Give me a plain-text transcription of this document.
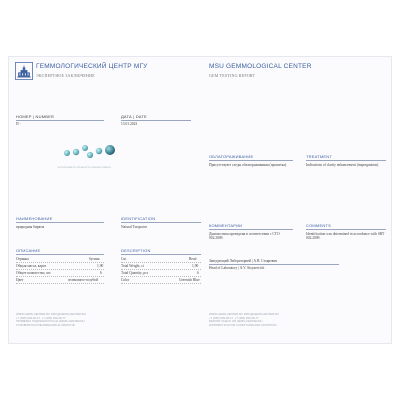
ГЕММОЛОГИЧЕСКИЙ ЦЕНТР МГУ
ЭКСПЕРТНОЕ ЗАКЛЮЧЕНИЕ
MSU GEMMOLOGICAL CENTER
GEM TESTING REPORT
НОМЕР | NUMBER
П -
ДАТА | DATE
13.01.2023
ФОТОГРАФИЯ НЕ ОТРАЖАЕТ РЕАЛЬНЫЕ РАЗМЕРЫ
ОБЛАГОРАЖИВАНИЕ
Присутствуют следы облагораживания (пропитка).
TREATMENT
Indications of clarity enhancement (impregnation).
НАИМЕНОВАНИЕ
природная бирюза
IDENTIFICATION
Natural Turquoise	КОММЕНТАРИИ
Диагностика проведена в соответствии с СТО 002.2009.
COMMENTS
Identification was determined in accordance with SRT 002.2009.
ОПИСАНИЕ	DESCRIPTION
Огранка	бусина
Общая масса, карат	1,90
Общее количество, шт.	6
Цвет	зеленовато-голубой
Cut	Bead
Total Weight, ct	1,90
Total Quantity, pcs	6
Color	Greenish Blue
Заведующий Лабораторией | А.В. Стояревич
Head of Laboratory | A.V. Stoyarevich
WWW.GEMS-CENTER.RU INFO@GEMS-CENTER.RU
+7 (495) 939-30-47, +7 (495) 939-49-77
ПРОВЕРКА ПОДЛИННОСТИ НА GEMS-CENTER.RU
УСЛОВИЯ ИСПОЛЬЗОВАНИЯ НА ОБОРОТЕ
WWW.GEMS-CENTER.RU INFO@GEMS-CENTER.RU
+7 (495) 939-30-47, +7 (495) 939-49-77
REPORT CHECK ON GEMS-CENTER.RU
DISTRIBUTION FOR CONDITIONS AND LIMITATION
